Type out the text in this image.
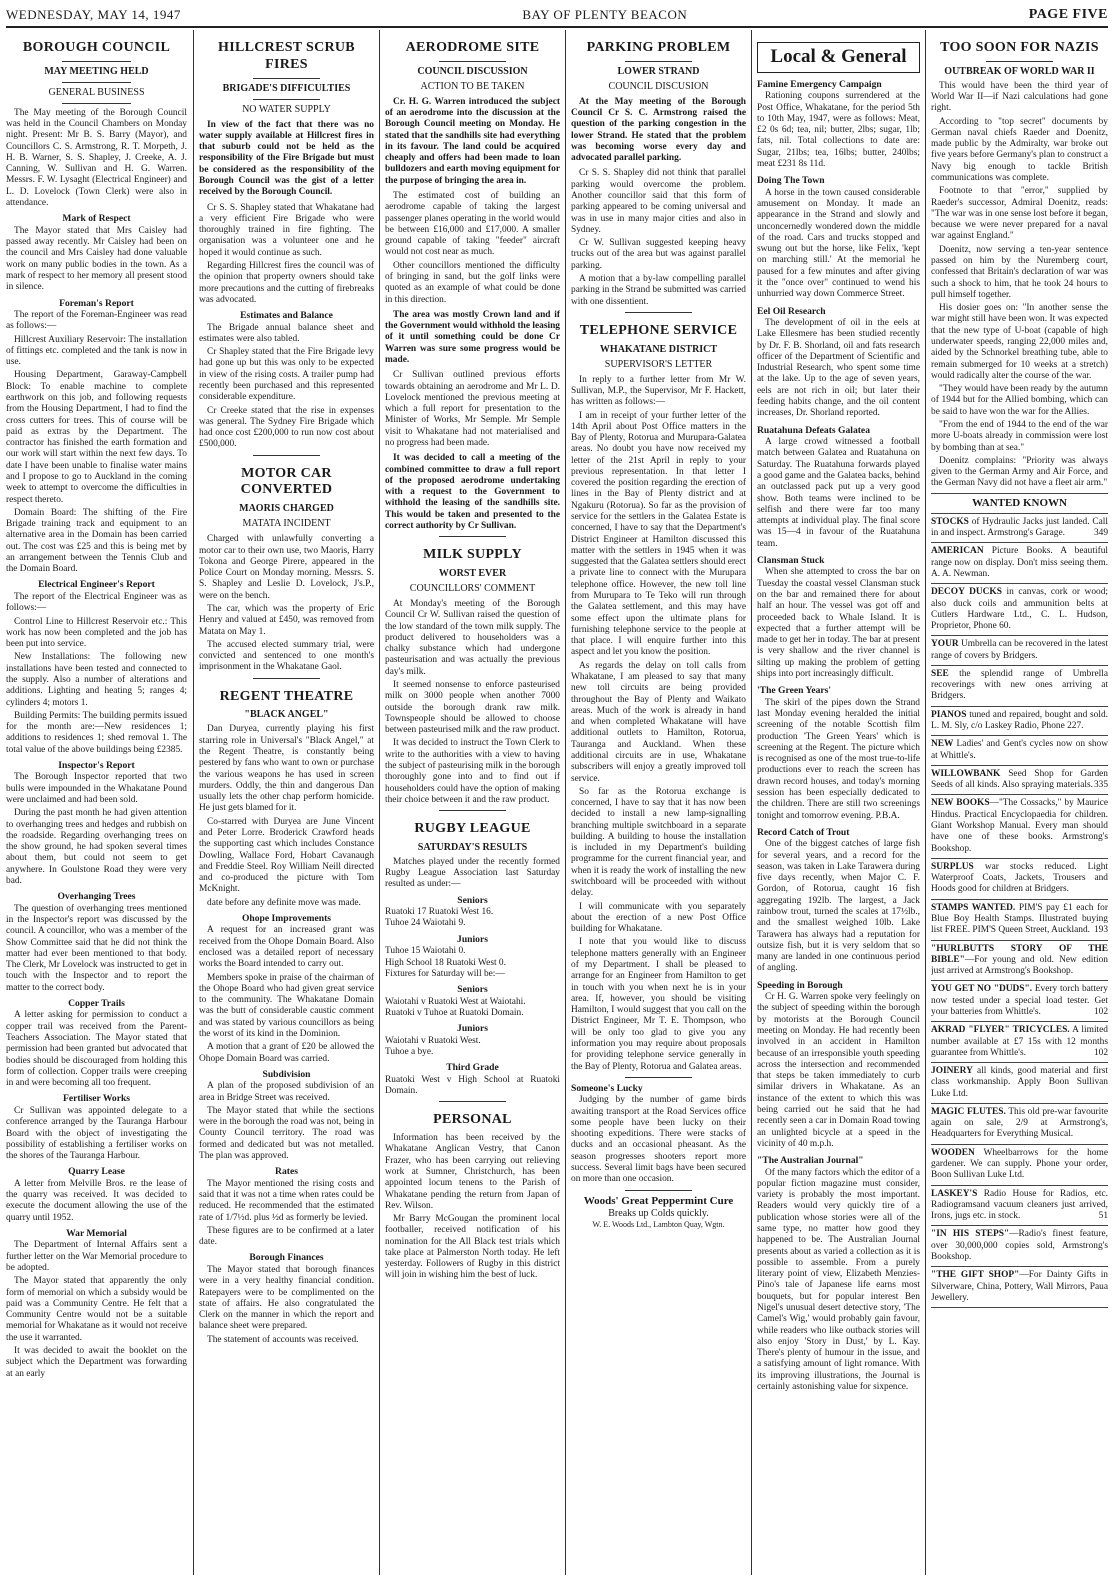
WEDNESDAY, MAY 14, 1947	BAY OF PLENTY BEACON	PAGE FIVE
BOROUGH COUNCIL
MAY MEETING HELD
GENERAL BUSINESS

The May meeting of the Borough Council was held in the Council Chambers on Monday night. Present: Mr B. S. Barry (Mayor), and Councillors C. S. Armstrong, R. T. Morpeth, J. H. B. Warner, S. S. Shapley, J. Creeke, A. J. Canning, W. Sullivan and H. G. Warren. Messrs. F. W. Lysaght (Electrical Engineer) and L. D. Lovelock (Town Clerk) were also in attendance.

Mark of Respect

The Mayor stated that Mrs Caisley had passed away recently. Mr Caisley had been on the council and Mrs Caisley had done valuable work on many public bodies in the town. As a mark of respect to her memory all present stood in silence.

Foreman's Report

The report of the Foreman-Engineer was read as follows:—

Hillcrest Auxiliary Reservoir: The installation of fittings etc. completed and the tank is now in use.

Housing Department, Garaway-Campbell Block: To enable machine to complete earthwork on this job, and following requests from the Housing Department, I had to find the cross cutters for trees. This of course will be paid as extras by the Department. The contractor has finished the earth formation and our work will start within the next few days. To date I have been unable to finalise water mains and I propose to go to Auckland in the coming week to attempt to overcome the difficulties in respect thereto.

Domain Board: The shifting of the Fire Brigade training track and equipment to an alternative area in the Domain has been carried out. The cost was £25 and this is being met by an arrangement between the Tennis Club and the Domain Board.

Electrical Engineer's Report

The report of the Electrical Engineer was as follows:—

Control Line to Hillcrest Reservoir etc.: This work has now been completed and the job has been put into service.

New Installations: The following new installations have been tested and connected to the supply. Also a number of alterations and additions. Lighting and heating 5; ranges 4; cylinders 4; motors 1.

Building Permits: The building permits issued for the month are:—New residences 1; additions to residences 1; shed removal 1. The total value of the above buildings being £2385.

Inspector's Report

The Borough Inspector reported that two bulls were impounded in the Whakatane Pound were unclaimed and had been sold.

During the past month he had given attention to overhanging trees and hedges and rubbish on the roadside. Regarding overhanging trees on the show ground, he had spoken several times about them, but could not seem to get anywhere. In Goulstone Road they were very bad.

Overhanging Trees

The question of overhanging trees mentioned in the Inspector's report was discussed by the council. A councillor, who was a member of the Show Committee said that he did not think the matter had ever been mentioned to that body. The Clerk, Mr Lovelock was instructed to get in touch with the Inspector and to report the matter to the correct body.

Copper Trails

A letter asking for permission to conduct a copper trail was received from the Parent-Teachers Association. The Mayor stated that permission had been granted but advocated that bodies should be discouraged from holding this form of collection. Copper trails were creeping in and were becoming all too frequent.

Fertiliser Works

Cr Sullivan was appointed delegate to a conference arranged by the Tauranga Harbour Board with the object of investigating the possibility of establishing a fertiliser works on the shores of the Tauranga Harbour.

Quarry Lease

A letter from Melville Bros. re the lease of the quarry was received. It was decided to execute the document allowing the use of the quarry until 1952.

War Memorial

The Department of Internal Affairs sent a further letter on the War Memorial procedure to be adopted.

The Mayor stated that apparently the only form of memorial on which a subsidy would be paid was a Community Centre. He felt that a Community Centre would not be a suitable memorial for Whakatane as it would not receive the use it warranted.

It was decided to await the booklet on the subject which the Department was forwarding at an early

HILLCREST SCRUB FIRES
BRIGADE'S DIFFICULTIES
NO WATER SUPPLY
In view of the fact that there was no water supply available at Hillcrest fires in that suburb could not be held as the responsibility of the Fire Brigade but must be considered as the responsibility of the Borough Council was the gist of a letter received by the Borough Council.

Cr S. S. Shapley stated that Whakatane had a very efficient Fire Brigade who were thoroughly trained in fire fighting. The organisation was a volunteer one and he hoped it would continue as such.

Regarding Hillcrest fires the council was of the opinion that property owners should take more precautions and the cutting of firebreaks was advocated.

Estimates and Balance

The Brigade annual balance sheet and estimates were also tabled.

Cr Shapley stated that the Fire Brigade levy had gone up but this was only to be expected in view of the rising costs. A trailer pump had recently been purchased and this represented considerable expenditure.

Cr Creeke stated that the rise in expenses was general. The Sydney Fire Brigade which had once cost £200,000 to run now cost about £500,000.

MOTOR CAR CONVERTED
MAORIS CHARGED
MATATA INCIDENT

Charged with unlawfully converting a motor car to their own use, two Maoris, Harry Tokona and George Pirere, appeared in the Police Court on Monday morning. Messrs. S. S. Shapley and Leslie D. Lovelock, J's.P., were on the bench.

The car, which was the property of Eric Henry and valued at £450, was removed from Matata on May 1.

The accused elected summary trial, were convicted and sentenced to one month's imprisonment in the Whakatane Gaol.

REGENT THEATRE
"BLACK ANGEL"

Dan Duryea, currently playing his first starring role in Universal's "Black Angel," at the Regent Theatre, is constantly being pestered by fans who want to own or purchase the various weapons he has used in screen murders. Oddly, the thin and dangerous Dan usually lets the other chap perform homicide. He just gets blamed for it.

Co-starred with Duryea are June Vincent and Peter Lorre. Broderick Crawford heads the supporting cast which includes Constance Dowling, Wallace Ford, Hobart Cavanaugh and Freddie Steel. Roy William Neill directed and co-produced the picture with Tom McKnight.

date before any definite move was made.

Ohope Improvements

A request for an increased grant was received from the Ohope Domain Board. Also enclosed was a detailed report of necessary works the Board intended to carry out.

Members spoke in praise of the chairman of the Ohope Board who had given great service to the community. The Whakatane Domain was the butt of considerable caustic comment and was stated by various councillors as being the worst of its kind in the Dominion.

A motion that a grant of £20 be allowed the Ohope Domain Board was carried.

Subdivision

A plan of the proposed subdivision of an area in Bridge Street was received.

The Mayor stated that while the sections were in the borough the road was not, being in County Council territory. The road was formed and dedicated but was not metalled. The plan was approved.

Rates

The Mayor mentioned the rising costs and said that it was not a time when rates could be reduced. He recommended that the estimated rate of 1/7½d. plus ½d as formerly be levied.

These figures are to be confirmed at a later date.

Borough Finances

The Mayor stated that borough finances were in a very healthy financial condition. Ratepayers were to be complimented on the state of affairs. He also congratulated the Clerk on the manner in which the report and balance sheet were prepared.

The statement of accounts was received.

AERODROME SITE
COUNCIL DISCUSSION
ACTION TO BE TAKEN
Cr. H. G. Warren introduced the subject of an aerodrome into the discussion at the Borough Council meeting on Monday. He stated that the sandhills site had everything in its favour. The land could be acquired cheaply and offers had been made to loan bulldozers and earth moving equipment for the purpose of bringing the area in.

The estimated cost of building an aerodrome capable of taking the largest passenger planes operating in the world would be between £16,000 and £17,000. A smaller ground capable of taking "feeder" aircraft would not cost near as much.

Other councillors mentioned the difficulty of bringing in sand, but the golf links were quoted as an example of what could be done in this direction.

The area was mostly Crown land and if the Government would withhold the leasing of it until something could be done Cr Warren was sure some progress would be made.

Cr Sullivan outlined previous efforts towards obtaining an aerodrome and Mr L. D. Lovelock mentioned the previous meeting at which a full report for presentation to the Minister of Works, Mr Semple. Mr Semple visit to Whakatane had not materialised and no progress had been made.

It was decided to call a meeting of the combined committee to draw a full report of the proposed aerodrome undertaking with a request to the Government to withhold the leasing of the sandhills site. This would be taken and presented to the correct authority by Cr Sullivan.
MILK SUPPLY
WORST EVER
COUNCILLORS' COMMENT

At Monday's meeting of the Borough Council Cr W. Sullivan raised the question of the low standard of the town milk supply. The product delivered to householders was a chalky substance which had undergone pasteurisation and was actually the previous day's milk.

It seemed nonsense to enforce pasteurised milk on 3000 people when another 7000 outside the borough drank raw milk. Townspeople should be allowed to choose between pasteurised milk and the raw product.

It was decided to instruct the Town Clerk to write to the authorities with a view to having the subject of pasteurising milk in the borough thoroughly gone into and to find out if householders could have the option of making their choice between it and the raw product.

RUGBY LEAGUE
SATURDAY'S RESULTS

Matches played under the recently formed Rugby League Association last Saturday resulted as under:—

Seniors

Ruatoki 17 Ruatoki West 16.

Tuhoe 24 Waiotahi 9.

Juniors

Tuhoe 15 Waiotahi 0.

High School 18 Ruatoki West 0.

Fixtures for Saturday will be:—

Seniors

Waiotahi v Ruatoki West at Waiotahi.

Ruatoki v Tuhoe at Ruatoki Domain.

Juniors

Waiotahi v Ruatoki West.

Tuhoe a bye.

Third Grade

Ruatoki West v High School at Ruatoki Domain.

PERSONAL

Information has been received by the Whakatane Anglican Vestry, that Canon Frazer, who has been carrying out relieving work at Sumner, Christchurch, has been appointed locum tenens to the Parish of Whakatane pending the return from Japan of Rev. Wilson.

Mr Barry McGougan the prominent local footballer, received notification of his nomination for the All Black test trials which take place at Palmerston North today. He left yesterday. Followers of Rugby in this district will join in wishing him the best of luck.

PARKING PROBLEM
LOWER STRAND
COUNCIL DISCUSION
At the May meeting of the Borough Council Cr S. C. Armstrong raised the question of the parking congestion in the lower Strand. He stated that the problem was becoming worse every day and advocated parallel parking.

Cr S. S. Shapley did not think that parallel parking would overcome the problem. Another councillor said that this form of parking appeared to be coming universal and was in use in many major cities and also in Sydney.

Cr W. Sullivan suggested keeping heavy trucks out of the area but was against parallel parking.

A motion that a by-law compelling parallel parking in the Strand be submitted was carried with one dissentient.

TELEPHONE SERVICE
WHAKATANE DISTRICT
SUPERVISOR'S LETTER

In reply to a further letter from Mr W. Sullivan, M.P., the Supervisor, Mr F. Hackett, has written as follows:—

I am in receipt of your further letter of the 14th April about Post Office matters in the Bay of Plenty, Rotorua and Murupara-Galatea areas. No doubt you have now received my letter of the 21st April in reply to your previous representation. In that letter I covered the position regarding the erection of lines in the Bay of Plenty district and at Ngakuru (Rotorua). So far as the provision of service for the settlers in the Galatea Estate is concerned, I have to say that the Department's District Engineer at Hamilton discussed this matter with the settlers in 1945 when it was suggested that the Galatea settlers should erect a private line to connect with the Murupara telephone office. However, the new toll line from Murupara to Te Teko will run through the Galatea settlement, and this may have some effect upon the ultimate plans for furnishing telephone service to the people at that place. I will enquire further into this aspect and let you know the position.

As regards the delay on toll calls from Whakatane, I am pleased to say that many new toll circuits are being provided throughout the Bay of Plenty and Waikato areas. Much of the work is already in hand and when completed Whakatane will have additional outlets to Hamilton, Rotorua, Tauranga and Auckland. When these additional circuits are in use, Whakatane subscribers will enjoy a greatly improved toll service.

So far as the Rotorua exchange is concerned, I have to say that it has now been decided to install a new lamp-signalling branching multiple switchboard in a separate building. A building to house the installation is included in my Department's building programme for the current financial year, and when it is ready the work of installing the new switchboard will be proceeded with without delay.

I will communicate with you separately about the erection of a new Post Office building for Whakatane.

I note that you would like to discuss telephone matters generally with an Engineer of my Department. I shall be pleased to arrange for an Engineer from Hamilton to get in touch with you when next he is in your area. If, however, you should be visiting Hamilton, I would suggest that you call on the District Engineer, Mr T. E. Thompson, who will be only too glad to give you any information you may require about proposals for providing telephone service generally in the Bay of Plenty, Rotorua and Galatea areas.

Someone's Lucky

Judging by the number of game birds awaiting transport at the Road Services office some people have been lucky on their shooting expeditions. There were stacks of ducks and an occasional pheasant. As the season progresses shooters report more success. Several limit bags have been secured on more than one occasion.

Woods' Great Peppermint Cure
Breaks up Colds quickly.
W. E. Woods Ltd., Lambton Quay, Wgtn.
Local & General
Famine Emergency Campaign

Rationing coupons surrendered at the Post Office, Whakatane, for the period 5th to 10th May, 1947, were as follows: Meat, £2 0s 6d; tea, nil; butter, 2lbs; sugar, 1lb; fats, nil. Total collections to date are: Sugar, 21lbs; tea, 16lbs; butter, 240lbs; meat £231 8s 11d.

Doing The Town

A horse in the town caused considerable amusement on Monday. It made an appearance in the Strand and slowly and unconcernedly wondered down the middle of the road. Cars and trucks stopped and swung out but the horse, like Felix, 'kept on marching still.' At the memorial he paused for a few minutes and after giving it the "once over" continued to wend his unhurried way down Commerce Street.

Eel Oil Research

The development of oil in the eels at Lake Ellesmere has been studied recently by Dr. F. B. Shorland, oil and fats research officer of the Department of Scientific and Industrial Research, who spent some time at the lake. Up to the age of seven years, eels are not rich in oil; but later their feeding habits change, and the oil content increases, Dr. Shorland reported.

Ruatahuna Defeats Galatea

A large crowd witnessed a football match between Galatea and Ruatahuna on Saturday. The Ruatahuna forwards played a good game and the Galatea backs, behind an outclassed pack put up a very good show. Both teams were inclined to be selfish and there were far too many attempts at individual play. The final score was 15—4 in favour of the Ruatahuna team.

Clansman Stuck

When she attempted to cross the bar on Tuesday the coastal vessel Clansman stuck on the bar and remained there for about half an hour. The vessel was got off and proceeded back to Whale Island. It is expected that a further attempt will be made to get her in today. The bar at present is very shallow and the river channel is silting up making the problem of getting ships into port increasingly difficult.

'The Green Years'

The skirl of the pipes down the Strand last Monday evening heralded the initial screening of the notable Scottish film production 'The Green Years' which is screening at the Regent. The picture which is recognised as one of the most true-to-life productions ever to reach the screen has drawn record houses, and today's morning session has been especially dedicated to the children. There are still two screenings tonight and tomorrow evening. P.B.A.

Record Catch of Trout

One of the biggest catches of large fish for several years, and a record for the season, was taken in Lake Tarawera during five days recently, when Major C. F. Gordon, of Rotorua, caught 16 fish aggregating 192lb. The largest, a Jack rainbow trout, turned the scales at 17½lb., and the smallest weighed 10lb. Lake Tarawera has always had a reputation for outsize fish, but it is very seldom that so many are landed in one continuous period of angling.

Speeding in Borough

Cr H. G. Warren spoke very feelingly on the subject of speeding within the borough by motorists at the Borough Council meeting on Monday. He had recently been involved in an accident in Hamilton because of an irresponsible youth speeding across the intersection and recommended that steps be taken immediately to curb similar drivers in Whakatane. As an instance of the extent to which this was being carried out he said that he had recently seen a car in Domain Road towing an unlighted bicycle at a speed in the vicinity of 40 m.p.h.

"The Australian Journal"

Of the many factors which the editor of a popular fiction magazine must consider, variety is probably the most important. Readers would very quickly tire of a publication whose stories were all of the same type, no matter how good they happened to be. The Australian Journal presents about as varied a collection as it is possible to assemble. From a purely literary point of view, Elizabeth Menzies-Pino's tale of Japanese life earns most bouquets, but for popular interest Ben Nigel's unusual desert detective story, 'The Camel's Wig,' would probably gain favour, while readers who like outback stories will also enjoy 'Story in Dust,' by L. Kay. There's plenty of humour in the issue, and a satisfying amount of light romance. With its improving illustrations, the Journal is certainly astonishing value for sixpence.

TOO SOON FOR NAZIS
OUTBREAK OF WORLD WAR II

This would have been the third year of World War II—if Nazi calculations had gone right.

According to "top secret" documents by German naval chiefs Raeder and Doenitz, made public by the Admiralty, war broke out five years before Germany's plan to construct a Navy big enough to tackle British communications was complete.

Footnote to that "error," supplied by Raeder's successor, Admiral Doenitz, reads: "The war was in one sense lost before it began, because we were never prepared for a naval war against England."

Doenitz, now serving a ten-year sentence passed on him by the Nuremberg court, confessed that Britain's declaration of war was such a shock to him, that he took 24 hours to pull himself together.

His dosier goes on: "In another sense the war might still have been won. It was expected that the new type of U-boat (capable of high underwater speeds, ranging 22,000 miles and, aided by the Schnorkel breathing tube, able to remain submerged for 10 weeks at a stretch) would radically alter the course of the war.

"They would have been ready by the autumn of 1944 but for the Allied bombing, which can be said to have won the war for the Allies.

"From the end of 1944 to the end of the war more U-boats already in commission were lost by bombing than at sea."

Doenitz complains: "Priority was always given to the German Army and Air Force, and the German Navy did not have a fleet air arm."

WANTED KNOWN

STOCKS of Hydraulic Jacks just landed. Call in and inspect. Armstrong's Garage.	349

AMERICAN Picture Books. A beautiful range now on display. Don't miss seeing them. A. A. Newman.

DECOY DUCKS in canvas, cork or wood; also duck coils and ammunition belts at Cutlers Hardware Ltd., C. L. Hudson, Proprietor, Phone 60.

YOUR Umbrella can be recovered in the latest range of covers by Bridgers.

SEE the splendid range of Umbrella recoverings with new ones arriving at Bridgers.

PIANOS tuned and repaired, bought and sold. L. M. Sly, c/o Laskey Radio, Phone 227.

NEW Ladies' and Gent's cycles now on show at Whittle's.

WILLOWBANK Seed Shop for Garden Seeds of all kinds. Also spraying materials. 335

NEW BOOKS—"The Cossacks," by Maurice Hindus. Practical Encyclopaedia for children. Giant Workshop Manual. Every man should have one of these books. Armstrong's Bookshop.

SURPLUS war stocks reduced. Light Waterproof Coats, Jackets, Trousers and Hoods good for children at Bridgers.

STAMPS WANTED. PIM'S pay £1 each for Blue Boy Health Stamps. Illustrated buying list FREE. PIM'S Queen Street, Auckland. 193

"HURLBUTTS STORY OF THE BIBLE"—For young and old. New edition just arrived at Armstrong's Bookshop.

YOU GET NO "DUDS". Every torch battery now tested under a special load tester. Get your batteries from Whittle's.	102

AKRAD "FLYER" TRICYCLES. A limited number available at £7 15s with 12 months guarantee from Whittle's.	102

JOINERY all kinds, good material and first class workmanship. Apply Boon Sullivan Luke Ltd.

MAGIC FLUTES. This old pre-war favourite again on sale, 2/9 at Armstrong's, Headquarters for Everything Musical.

WOODEN Wheelbarrows for the home gardener. We can supply. Phone your order, Boon Sullivan Luke Ltd.

LASKEY'S Radio House for Radios, etc. Radiogramsand vacuum cleaners just arrived, Irons, jugs etc. in stock.	51

"IN HIS STEPS"—Radio's finest feature, over 30,000,000 copies sold, Armstrong's Bookshop.

"THE GIFT SHOP"—For Dainty Gifts in Silverware, China, Pottery, Wall Mirrors, Paua Jewellery.
